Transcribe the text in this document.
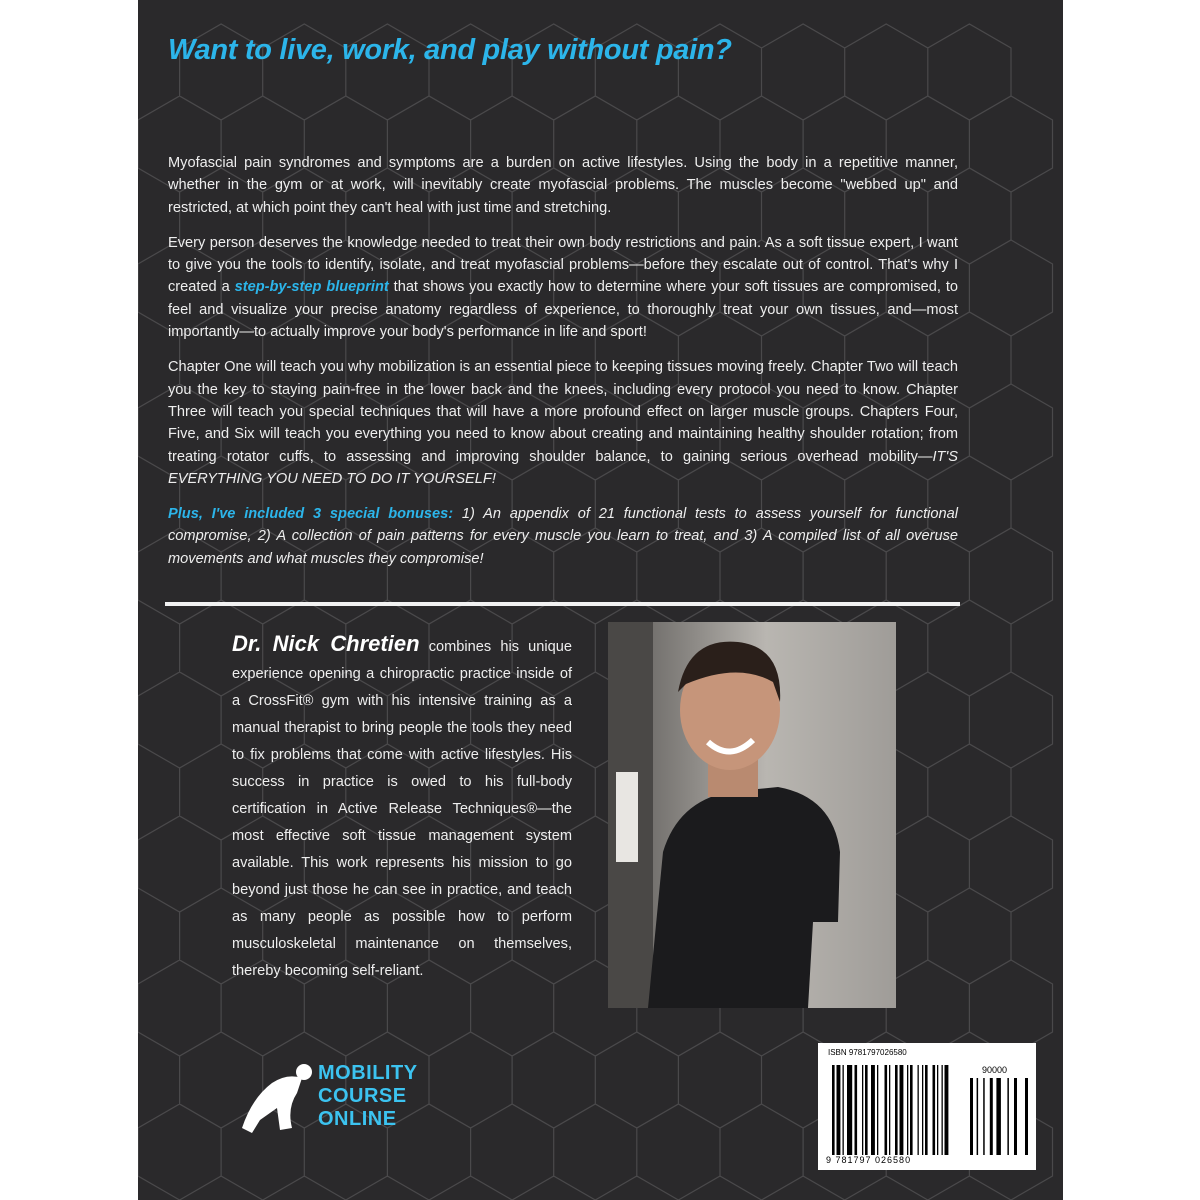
Want to live, work, and play without pain?

Myofascial pain syndromes and symptoms are a burden on active lifestyles. Using the body in a repetitive manner, whether in the gym or at work, will inevitably create myofascial problems. The muscles become "webbed up" and restricted, at which point they can't heal with just time and stretching.

Every person deserves the knowledge needed to treat their own body restrictions and pain. As a soft tissue expert, I want to give you the tools to identify, isolate, and treat myofascial problems—before they escalate out of control. That's why I created a step-by-step blueprint that shows you exactly how to determine where your soft tissues are compromised, to feel and visualize your precise anatomy regardless of experience, to thoroughly treat your own tissues, and—most importantly—to actually improve your body's performance in life and sport!

Chapter One will teach you why mobilization is an essential piece to keeping tissues moving freely. Chapter Two will teach you the key to staying pain-free in the lower back and the knees, including every protocol you need to know. Chapter Three will teach you special techniques that will have a more profound effect on larger muscle groups. Chapters Four, Five, and Six will teach you everything you need to know about creating and maintaining healthy shoulder rotation; from treating rotator cuffs, to assessing and improving shoulder balance, to gaining serious overhead mobility—IT'S EVERYTHING YOU NEED TO DO IT YOURSELF!

Plus, I've included 3 special bonuses: 1) An appendix of 21 functional tests to assess yourself for functional compromise, 2) A collection of pain patterns for every muscle you learn to treat, and 3) A compiled list of all overuse movements and what muscles they compromise!

Dr. Nick Chretien combines his unique experience opening a chiropractic practice inside of a CrossFit® gym with his intensive training as a manual therapist to bring people the tools they need to fix problems that come with active lifestyles. His success in practice is owed to his full-body certification in Active Release Techniques®—the most effective soft tissue management system available. This work represents his mission to go beyond just those he can see in practice, and teach as many people as possible how to perform musculoskeletal maintenance on themselves, thereby becoming self-reliant.
ISBN 9781797026580
90000
9 781797 026580
MOBILITY
COURSE
ONLINE
